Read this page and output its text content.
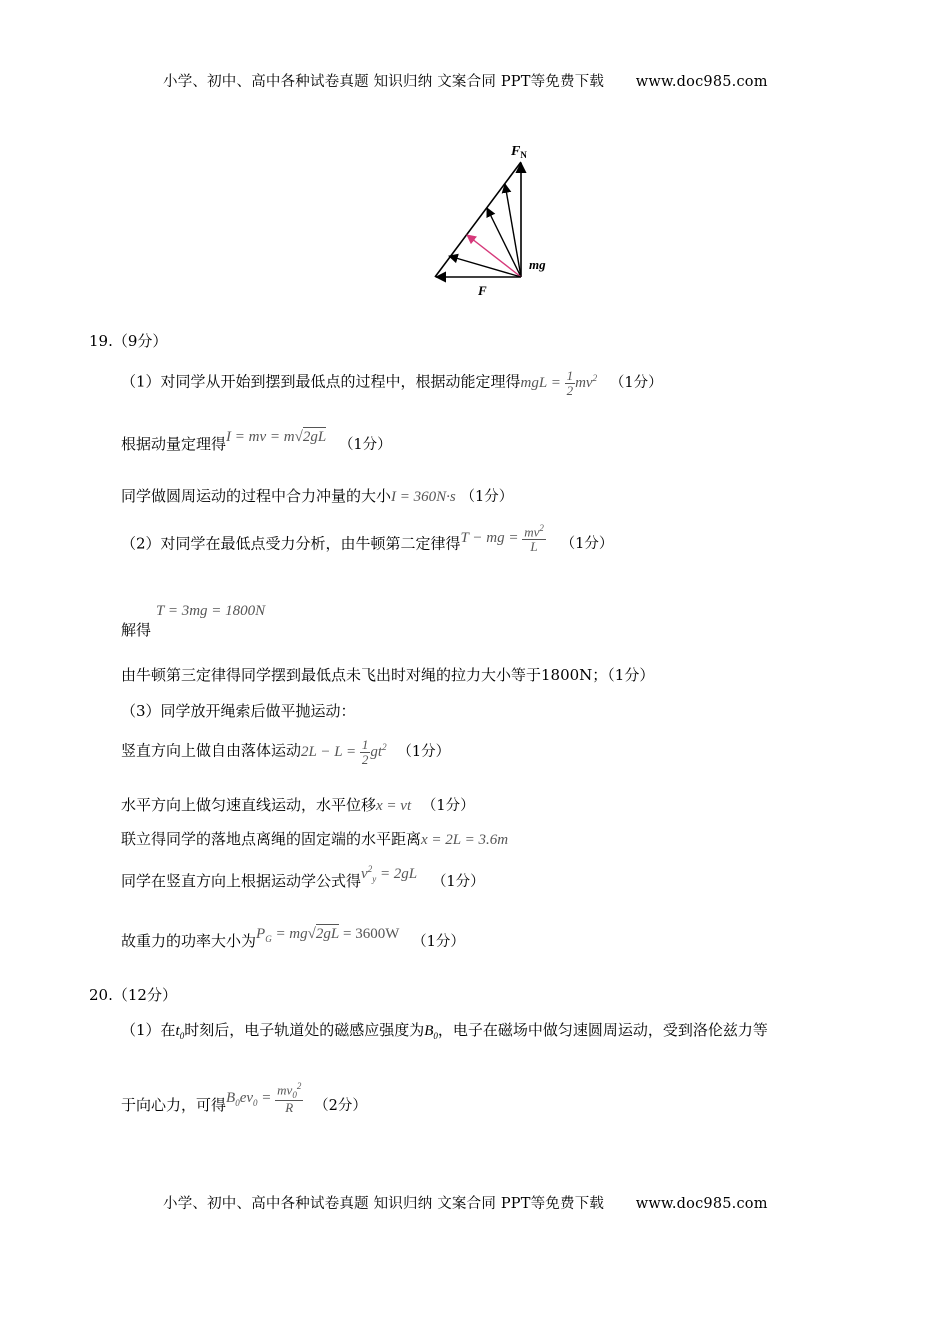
小学、初中、高中各种试卷真题 知识归纳 文案合同 PPT等免费下载 www.doc985.com
$F_N$
mg
F
19.（9分）
（1）对同学从开始到摆到最低点的过程中，根据动能定理得mgL = $\frac{1}{2} mv^2$ （1分）
根据动量定理得I = mv = m√2gL （1分）
同学做圆周运动的过程中合力冲量的大小I = 360N·s （1分）
（2）对同学在最低点受力分析，由牛顿第二定律得T − mg = $\frac{mv^2}{L} (1$分）
T = 3mg = 1800N
解得
由牛顿第三定律得同学摆到最低点未飞出时对绳的拉力大小等于1800N；（1分）
（3）同学放开绳索后做平抛运动：
竖直方向上做自由落体运动$2L - L = \frac{1}{2} gt^2$ （1分）
水平方向上做匀速直线运动，水平位移x = vt （1分）
联立得同学的落地点离绳的固定端的水平距离x = 2L = 3.6m
同学在竖直方向上根据运动学公式得$v^2_y = 2gL$ （1分）
故重力的功率大小为$P_G = mg√2gL = 3600W$ （1分）
20.（12分）
（1）在$t_0$时刻后，电子轨道处的磁感应强度为$B_0$，电子在磁场中做匀速圆周运动，受到洛伦兹力等
于向心力，可得$B_0ev_0 = \frac{mv_0^2}{R} (2$分）
小学、初中、高中各种试卷真题 知识归纳 文案合同 PPT等免费下载 www.doc985.com
